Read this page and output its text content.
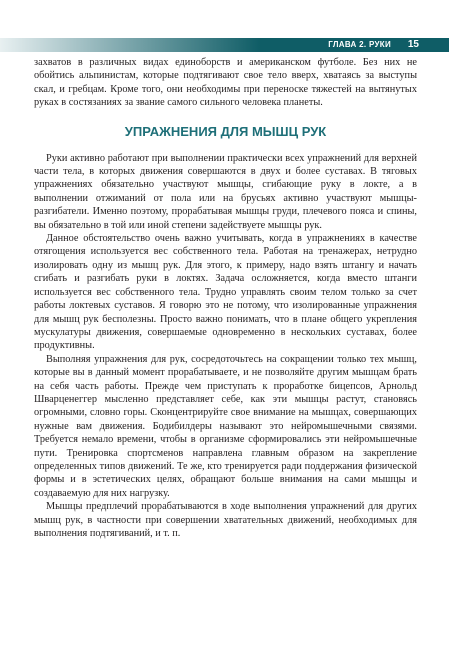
ГЛАВА 2. РУКИ 15

захватов в различных видах единоборств и американском футболе. Без них не обойтись альпинистам, которые подтягивают свое тело вверх, хватаясь за выступы скал, и гребцам. Кроме того, они необходимы при переноске тяжестей на вытянутых руках в состязаниях за звание самого сильного человека планеты.

УПРАЖНЕНИЯ ДЛЯ МЫШЦ РУК

Руки активно работают при выполнении практически всех упражнений для верхней части тела, в которых движения совершаются в двух и более суставах. В тяговых упражнениях обязательно участвуют мышцы, сгибающие руку в локте, а в выполнении отжиманий от пола или на брусьях активно участвуют мышцы-разгибатели. Именно поэтому, прорабатывая мышцы груди, плечевого пояса и спины, вы обязательно в той или иной степени задействуете мышцы рук.

Данное обстоятельство очень важно учитывать, когда в упражнениях в качестве отягощения используется вес собственного тела. Работая на тренажерах, нетрудно изолировать одну из мышц рук. Для этого, к примеру, надо взять штангу и начать сгибать и разгибать руки в локтях. Задача осложняется, когда вместо штанги используется вес собственного тела. Трудно управлять своим телом только за счет работы локтевых суставов. Я говорю это не потому, что изолированные упражнения для мышц рук бесполезны. Просто важно понимать, что в плане общего укрепления мускулатуры движения, совершаемые одновременно в нескольких суставах, более продуктивны.

Выполняя упражнения для рук, сосредоточьтесь на сокращении только тех мышц, которые вы в данный момент прорабатываете, и не позволяйте другим мышцам брать на себя часть работы. Прежде чем приступать к проработке бицепсов, Арнольд Шварценеггер мысленно представляет себе, как эти мышцы растут, становясь огромными, словно горы. Сконцентрируйте свое внимание на мышцах, совершающих нужные вам движения. Бодибилдеры называют это нейромышечными связями. Требуется немало времени, чтобы в организме сформировались эти нейромышечные пути. Тренировка спортсменов направлена главным образом на закрепление определенных типов движений. Те же, кто тренируется ради поддержания физической формы и в эстетических целях, обращают больше внимания на сами мышцы и создаваемую для них нагрузку.

Мышцы предплечий прорабатываются в ходе выполнения упражнений для других мышц рук, в частности при совершении хватательных движений, необходимых для выполнения подтягиваний, и т. п.
